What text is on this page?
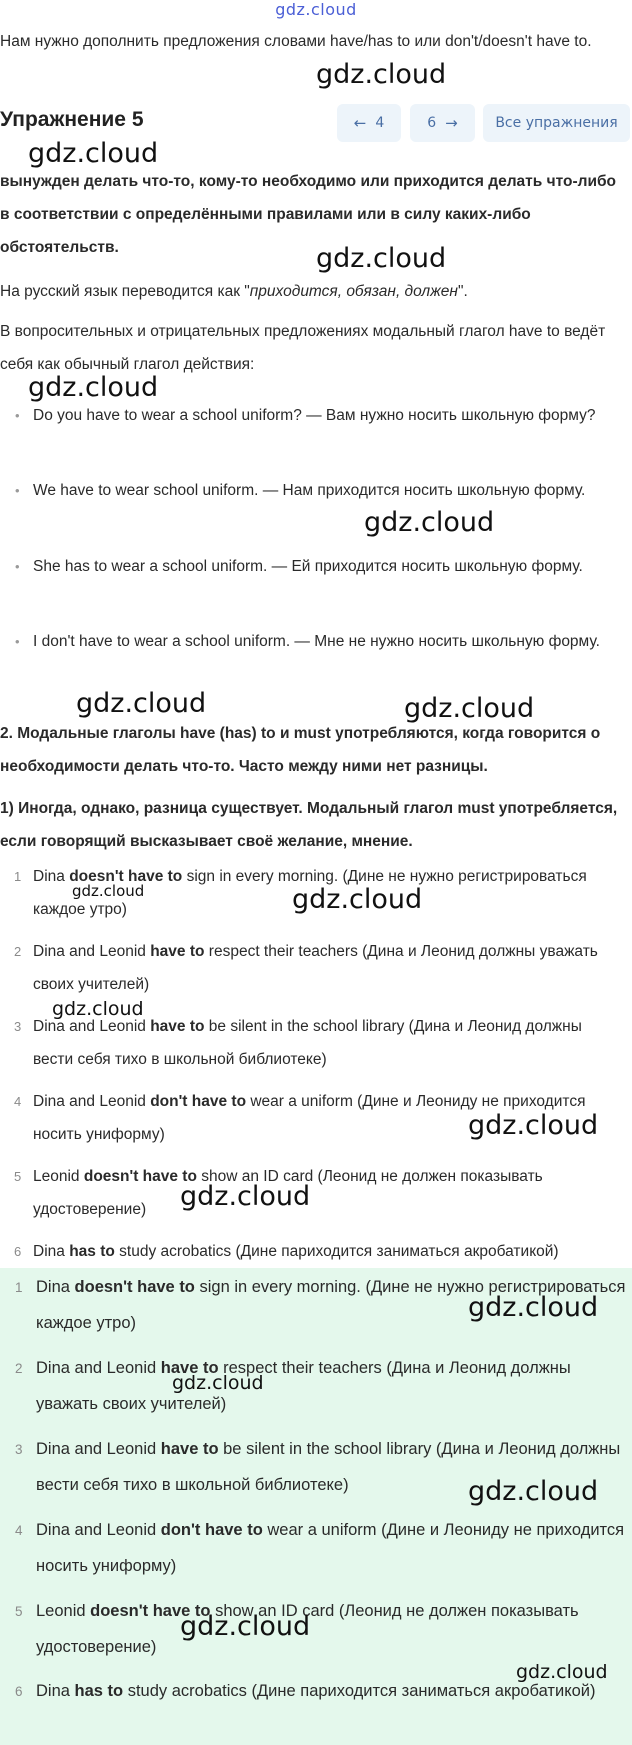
gdz.cloud

Нам нужно дополнить предложения словами have/has to или don't/doesn't have to.

Упражнение 5	← 4	6 →	Все упражнения

вынужден делать что-то, кому-то необходимо или приходится делать что-либо в соответствии с определёнными правилами или в силу каких-либо обстоятельств.

На русский язык переводится как "приходится, обязан, должен".

В вопросительных и отрицательных предложениях модальный глагол have to ведёт себя как обычный глагол действия:

• Do you have to wear a school uniform? — Вам нужно носить школьную форму?
• We have to wear school uniform. — Нам приходится носить школьную форму.
• She has to wear a school uniform. — Ей приходится носить школьную форму.
• I don't have to wear a school uniform. — Мне не нужно носить школьную форму.

2. Модальные глаголы have (has) to и must употребляются, когда говорится о необходимости делать что-то. Часто между ними нет разницы.

1) Иногда, однако, разница существует. Модальный глагол must употребляется, если говорящий высказывает своё желание, мнение.

1 Dina doesn't have to sign in every morning. (Дине не нужно регистрироваться каждое утро)
2 Dina and Leonid have to respect their teachers (Дина и Леонид должны уважать своих учителей)
3 Dina and Leonid have to be silent in the school library (Дина и Леонид должны вести себя тихо в школьной библиотеке)
4 Dina and Leonid don't have to wear a uniform (Дине и Леониду не приходится носить униформу)
5 Leonid doesn't have to show an ID card (Леонид не должен показывать удостоверение)
6 Dina has to study acrobatics (Дине париходится заниматься акробатикой)
1 Dina doesn't have to sign in every morning. (Дине не нужно регистрироваться каждое утро)
2 Dina and Leonid have to respect their teachers (Дина и Леонид должны уважать своих учителей)
3 Dina and Leonid have to be silent in the school library (Дина и Леонид должны вести себя тихо в школьной библиотеке)
4 Dina and Leonid don't have to wear a uniform (Дине и Леониду не приходится носить униформу)
5 Leonid doesn't have to show an ID card (Леонид не должен показывать удостоверение)
6 Dina has to study acrobatics (Дине париходится заниматься акробатикой)
gdz.cloud
gdz.cloud
gdz.cloud
gdz.cloud
gdz.cloud
gdz.cloud	gdz.cloud
gdz.cloud	gdz.cloud
gdz.cloud
gdz.cloud
gdz.cloud
gdz.cloud
gdz.cloud
gdz.cloud
gdz.cloud
gdz.cloud
